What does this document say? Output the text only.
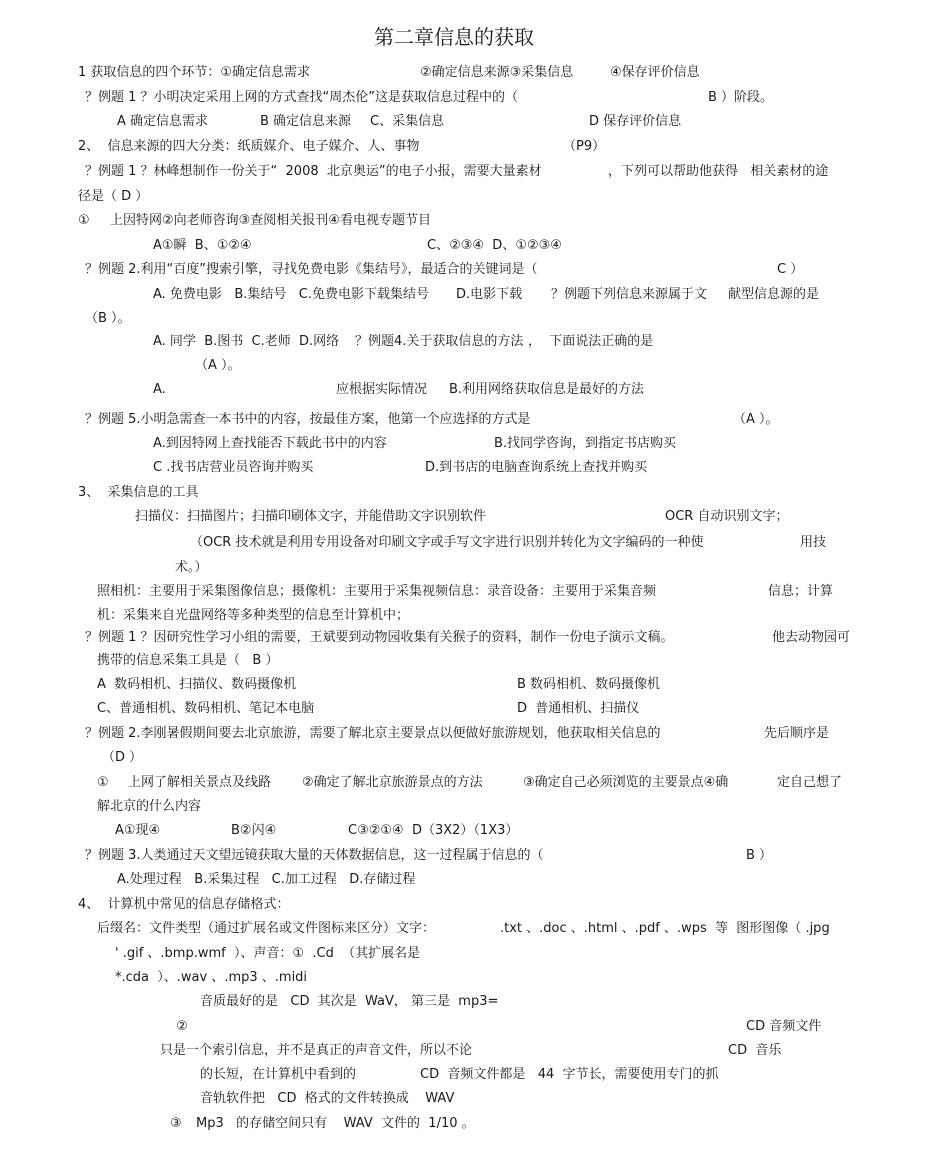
第二章信息的获取
1 获取信息的四个环节：①确定信息需求	②确定信息来源③采集信息	④保存评价信息
？例题 1 ？小明决定采用上网的方式查找“周杰伦”这是获取信息过程中的（	B ）阶段。
A 确定信息需求	B 确定信息来源 C、采集信息	D 保存评价信息
2、  信息来源的四大分类：纸质媒介、电子媒介、人、事物	（P9）
？例题 1 ？林峰想制作一份关于“  2008  北京奥运”的电子小报，需要大量素材	，下列可以帮助他获得   相关素材的途
径是（ D ）
① 上因特网②向老师咨询③查阅相关报刊④看电视专题节目
A①瞬  B、①②④	C、②③④  D、①②③④
？例题 2.利用“百度”搜索引擎，寻找免费电影《集结号》，最适合的关键词是（	C ）
A. 免费电影   B.集结号   C.免费电影下载集结号 D.电影下载 ？例题下列信息来源属于文 献型信息源的是
（B ）。
A. 同学  B.图书  C.老师  D.网络 ？例题4.关于获取信息的方法 ，  下面说法正确的是
（A ）。
A.	应根据实际情况 B.利用网络获取信息是最好的方法
？例题 5.小明急需查一本书中的内容，按最佳方案，他第一个应选择的方式是	（A ）。
A.到因特网上查找能否下载此书中的内容	B.找同学咨询，到指定书店购买
C .找书店营业员咨询并购买	D.到书店的电脑查询系统上查找并购买
3、  采集信息的工具
扫描仪：扫描图片；扫描印刷体文字，并能借助文字识别软件	OCR 自动识别文字；
（OCR 技术就是利用专用设备对印刷文字或手写文字进行识别并转化为文字编码的一种使	用技
术。）
照相机：主要用于采集图像信息；摄像机：主要用于采集视频信息：录音设备：主要用于采集音频	信息；计算
机：采集来自光盘网络等多种类型的信息至计算机中；
？例题 1 ？因研究性学习小组的需要，王斌要到动物园收集有关猴子的资料，制作一份电子演示文稿。	他去动物园可
携带的信息采集工具是（   B ）
A  数码相机、扫描仪、数码摄像机	B 数码相机、数码摄像机
C、普通相机、数码相机、笔记本电脑	D  普通相机、扫描仪
？例题 2.李刚暑假期间要去北京旅游，需要了解北京主要景点以便做好旅游规划，他获取相关信息的	先后顺序是
（D ）
① 上网了解相关景点及线路 ②确定了解北京旅游景点的方法	③确定自己必须浏览的主要景点④确	定自己想了
解北京的什么内容
A①现④	B②闪④	C③②①④  D（3X2）（1X3）
？例题 3.人类通过天文望远镜获取大量的天体数据信息，这一过程属于信息的（	B ）
A.处理过程   B.采集过程   C.加工过程   D.存储过程
4、  计算机中常见的信息存储格式：
后缀名：文件类型（通过扩展名或文件图标来区分）文字：	.txt 、.doc 、.html 、.pdf 、.wps  等  图形图像（ .jpg
' .gif 、.bmp.wmf  ）、声音：①  .Cd  （其扩展名是
*.cda  ）、.wav 、.mp3 、.midi
音质最好的是   CD  其次是  WaV， 第三是  mp3=
②	CD 音频文件
只是一个索引信息，并不是真正的声音文件，所以不论	CD  音乐
的长短，在计算机中看到的	CD  音频文件都是   44  字节长，需要使用专门的抓
音轨软件把   CD  格式的文件转换成    WAV
③ Mp3   的存储空间只有    WAV  文件的  1/10 。
